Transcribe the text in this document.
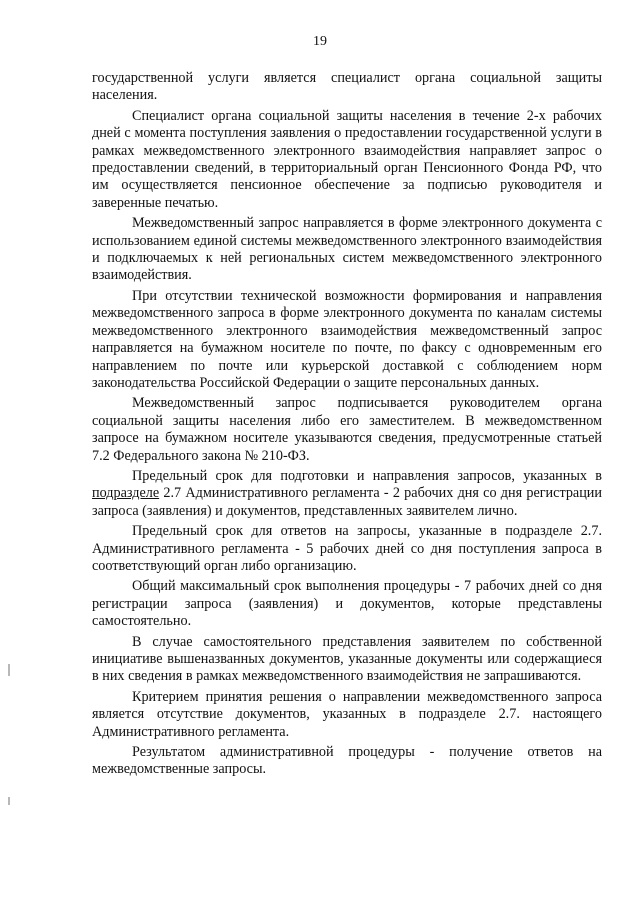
19

государственной услуги является специалист органа социальной защиты населения.

Специалист органа социальной защиты населения в течение 2-х рабочих дней с момента поступления заявления о предоставлении государственной услуги в рамках межведомственного электронного взаимодействия направляет запрос о предоставлении сведений, в территориальный орган Пенсионного Фонда РФ, что им осуществляется пенсионное обеспечение за подписью руководителя и заверенные печатью.

Межведомственный запрос направляется в форме электронного документа с использованием единой системы межведомственного электронного взаимодействия и подключаемых к ней региональных систем межведомственного электронного взаимодействия.

При отсутствии технической возможности формирования и направления межведомственного запроса в форме электронного документа по каналам системы межведомственного электронного взаимодействия межведомственный запрос направляется на бумажном носителе по почте, по факсу с одновременным его направлением по почте или курьерской доставкой с соблюдением норм законодательства Российской Федерации о защите персональных данных.

Межведомственный запрос подписывается руководителем органа социальной защиты населения либо его заместителем. В межведомственном запросе на бумажном носителе указываются сведения, предусмотренные статьей 7.2 Федерального закона № 210-ФЗ.

Предельный срок для подготовки и направления запросов, указанных в подразделе 2.7 Административного регламента - 2 рабочих дня со дня регистрации запроса (заявления) и документов, представленных заявителем лично.

Предельный срок для ответов на запросы, указанные в подразделе 2.7. Административного регламента - 5 рабочих дней со дня поступления запроса в соответствующий орган либо организацию.

Общий максимальный срок выполнения процедуры - 7 рабочих дней со дня регистрации запроса (заявления) и документов, которые представлены самостоятельно.

В случае самостоятельного представления заявителем по собственной инициативе вышеназванных документов, указанные документы или содержащиеся в них сведения в рамках межведомственного взаимодействия не запрашиваются.

Критерием принятия решения о направлении межведомственного запроса является отсутствие документов, указанных в подразделе 2.7. настоящего Административного регламента.

Результатом административной процедуры - получение ответов на межведомственные запросы.
